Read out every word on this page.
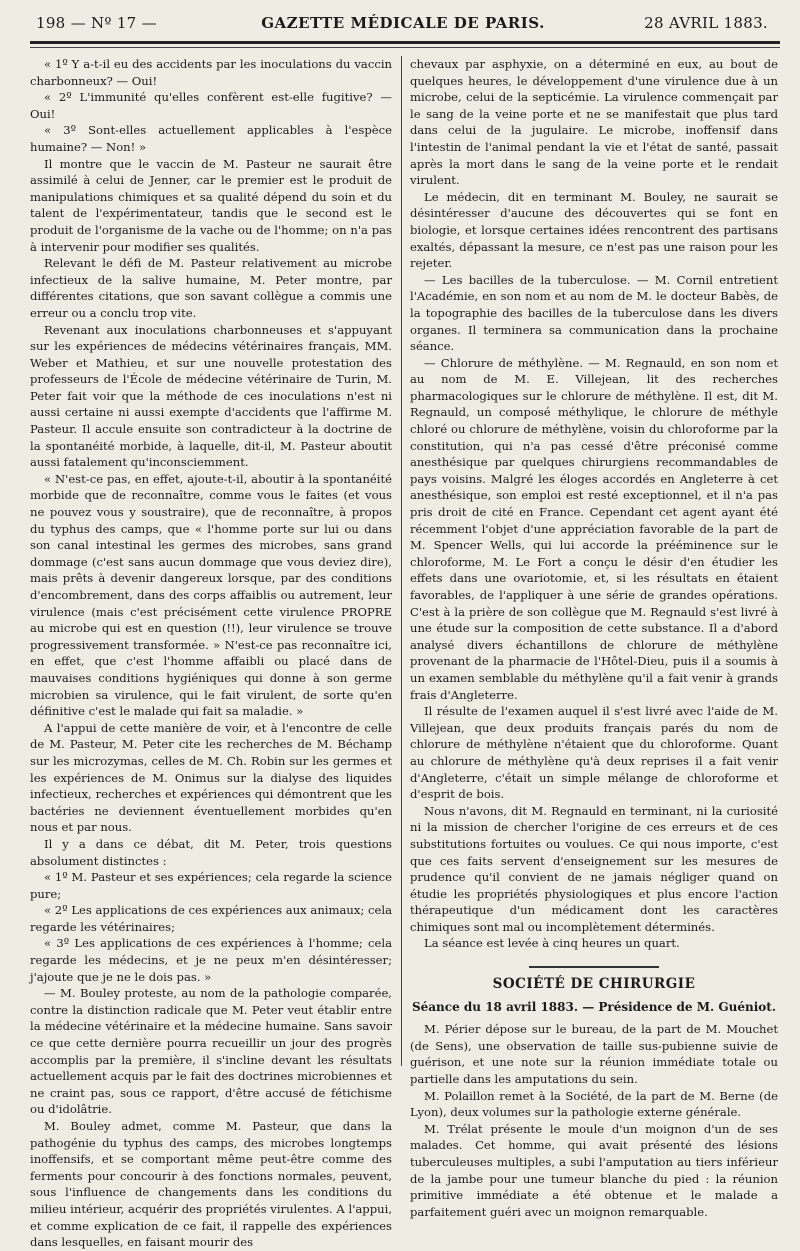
198 — Nº 17 —	GAZETTE MÉDICALE DE PARIS.	28 AVRIL 1883.

« 1º Y a-t-il eu des accidents par les inoculations du vaccin charbonneux? — Oui!

« 2º L'immunité qu'elles confèrent est-elle fugitive? — Oui!

« 3º Sont-elles actuellement applicables à l'espèce humaine? — Non! »

Il montre que le vaccin de M. Pasteur ne saurait être assimilé à celui de Jenner, car le premier est le produit de manipulations chimiques et sa qualité dépend du soin et du talent de l'expérimentateur, tandis que le second est le produit de l'organisme de la vache ou de l'homme; on n'a pas à intervenir pour modifier ses qualités.

Relevant le défi de M. Pasteur relativement au microbe infectieux de la salive humaine, M. Peter montre, par différentes citations, que son savant collègue a commis une erreur ou a conclu trop vite.

Revenant aux inoculations charbonneuses et s'appuyant sur les expériences de médecins vétérinaires français, MM. Weber et Mathieu, et sur une nouvelle protestation des professeurs de l'École de médecine vétérinaire de Turin, M. Peter fait voir que la méthode de ces inoculations n'est ni aussi certaine ni aussi exempte d'accidents que l'affirme M. Pasteur. Il accule ensuite son contradicteur à la doctrine de la spontanéité morbide, à laquelle, dit-il, M. Pasteur aboutit aussi fatalement qu'inconsciemment.

« N'est-ce pas, en effet, ajoute-t-il, aboutir à la spontanéité morbide que de reconnaître, comme vous le faites (et vous ne pouvez vous y soustraire), que de reconnaître, à propos du typhus des camps, que « l'homme porte sur lui ou dans son canal intestinal les germes des microbes, sans grand dommage (c'est sans aucun dommage que vous deviez dire), mais prêts à devenir dangereux lorsque, par des conditions d'encombrement, dans des corps affaiblis ou autrement, leur virulence (mais c'est précisément cette virulence PROPRE au microbe qui est en question (!!), leur virulence se trouve progressivement transformée. » N'est-ce pas reconnaître ici, en effet, que c'est l'homme affaibli ou placé dans de mauvaises conditions hygiéniques qui donne à son germe microbien sa virulence, qui le fait virulent, de sorte qu'en définitive c'est le malade qui fait sa maladie. »

A l'appui de cette manière de voir, et à l'encontre de celle de M. Pasteur, M. Peter cite les recherches de M. Béchamp sur les microzymas, celles de M. Ch. Robin sur les germes et les expériences de M. Onimus sur la dialyse des liquides infectieux, recherches et expériences qui démontrent que les bactéries ne deviennent éventuellement morbides qu'en nous et par nous.

Il y a dans ce débat, dit M. Peter, trois questions absolument distinctes :

« 1º M. Pasteur et ses expériences; cela regarde la science pure;

« 2º Les applications de ces expériences aux animaux; cela regarde les vétérinaires;

« 3º Les applications de ces expériences à l'homme; cela regarde les médecins, et je ne peux m'en désintéresser; j'ajoute que je ne le dois pas. »

— M. Bouley proteste, au nom de la pathologie comparée, contre la distinction radicale que M. Peter veut établir entre la médecine vétérinaire et la médecine humaine. Sans savoir ce que cette dernière pourra recueillir un jour des progrès accomplis par la première, il s'incline devant les résultats actuellement acquis par le fait des doctrines microbiennes et ne craint pas, sous ce rapport, d'être accusé de fétichisme ou d'idolâtrie.

M. Bouley admet, comme M. Pasteur, que dans la pathogénie du typhus des camps, des microbes longtemps inoffensifs, et se comportant même peut-être comme des ferments pour concourir à des fonctions normales, peuvent, sous l'influence de changements dans les conditions du milieu intérieur, acquérir des propriétés virulentes. A l'appui, et comme explication de ce fait, il rappelle des expériences dans lesquelles, en faisant mourir des

chevaux par asphyxie, on a déterminé en eux, au bout de quelques heures, le développement d'une virulence due à un microbe, celui de la septicémie. La virulence commençait par le sang de la veine porte et ne se manifestait que plus tard dans celui de la jugulaire. Le microbe, inoffensif dans l'intestin de l'animal pendant la vie et l'état de santé, passait après la mort dans le sang de la veine porte et le rendait virulent.

Le médecin, dit en terminant M. Bouley, ne saurait se désintéresser d'aucune des découvertes qui se font en biologie, et lorsque certaines idées rencontrent des partisans exaltés, dépassant la mesure, ce n'est pas une raison pour les rejeter.

— Les bacilles de la tuberculose. — M. Cornil entretient l'Académie, en son nom et au nom de M. le docteur Babès, de la topographie des bacilles de la tuberculose dans les divers organes. Il terminera sa communication dans la prochaine séance.

— Chlorure de méthylène. — M. Regnauld, en son nom et au nom de M. E. Villejean, lit des recherches pharmacologiques sur le chlorure de méthylène. Il est, dit M. Regnauld, un composé méthylique, le chlorure de méthyle chloré ou chlorure de méthylène, voisin du chloroforme par la constitution, qui n'a pas cessé d'être préconisé comme anesthésique par quelques chirurgiens recommandables de pays voisins. Malgré les éloges accordés en Angleterre à cet anesthésique, son emploi est resté exceptionnel, et il n'a pas pris droit de cité en France. Cependant cet agent ayant été récemment l'objet d'une appréciation favorable de la part de M. Spencer Wells, qui lui accorde la prééminence sur le chloroforme, M. Le Fort a conçu le désir d'en étudier les effets dans une ovariotomie, et, si les résultats en étaient favorables, de l'appliquer à une série de grandes opérations. C'est à la prière de son collègue que M. Regnauld s'est livré à une étude sur la composition de cette substance. Il a d'abord analysé divers échantillons de chlorure de méthylène provenant de la pharmacie de l'Hôtel-Dieu, puis il a soumis à un examen semblable du méthylène qu'il a fait venir à grands frais d'Angleterre.

Il résulte de l'examen auquel il s'est livré avec l'aide de M. Villejean, que deux produits français parés du nom de chlorure de méthylène n'étaient que du chloroforme. Quant au chlorure de méthylène qu'à deux reprises il a fait venir d'Angleterre, c'était un simple mélange de chloroforme et d'esprit de bois.

Nous n'avons, dit M. Regnauld en terminant, ni la curiosité ni la mission de chercher l'origine de ces erreurs et de ces substitutions fortuites ou voulues. Ce qui nous importe, c'est que ces faits servent d'enseignement sur les mesures de prudence qu'il convient de ne jamais négliger quand on étudie les propriétés physiologiques et plus encore l'action thérapeutique d'un médicament dont les caractères chimiques sont mal ou incomplètement déterminés.

La séance est levée à cinq heures un quart.

SOCIÉTÉ DE CHIRURGIE
Séance du 18 avril 1883. — Présidence de M. Guéniot.

M. Périer dépose sur le bureau, de la part de M. Mouchet (de Sens), une observation de taille sus-pubienne suivie de guérison, et une note sur la réunion immédiate totale ou partielle dans les amputations du sein.

M. Polaillon remet à la Société, de la part de M. Berne (de Lyon), deux volumes sur la pathologie externe générale.

M. Trélat présente le moule d'un moignon d'un de ses malades. Cet homme, qui avait présenté des lésions tuberculeuses multiples, a subi l'amputation au tiers inférieur de la jambe pour une tumeur blanche du pied : la réunion primitive immédiate a été obtenue et le malade a parfaitement guéri avec un moignon remarquable.
